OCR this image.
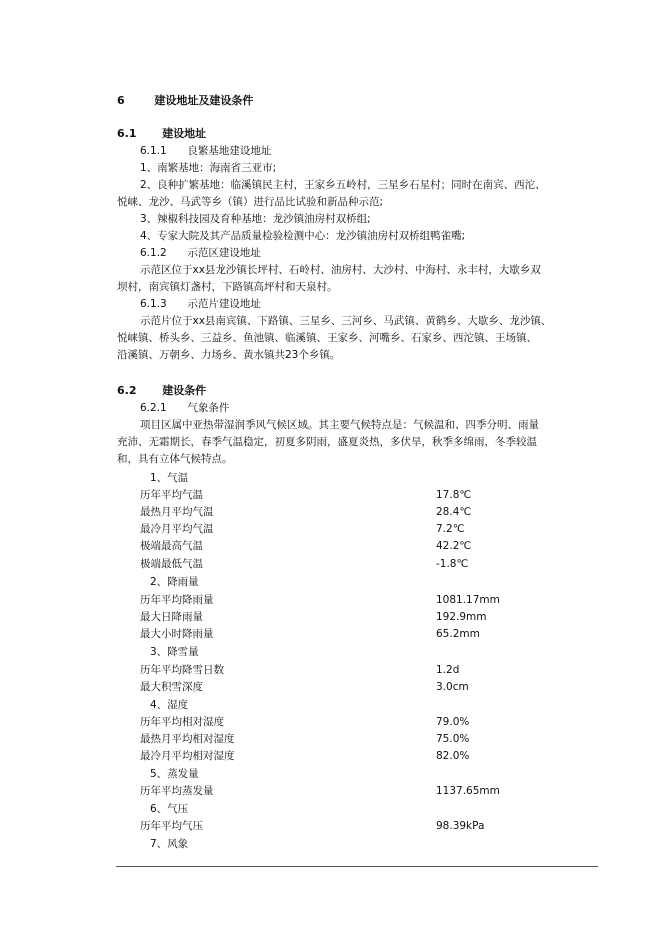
6	建设地址及建设条件
6.1 建设地址
6.1.1 良繁基地建设地址
1、南繁基地：海南省三亚市;
2、良种扩繁基地：临溪镇民主村，王家乡五岭村，三星乡石星村；同时在南宾、西沱、
悦崃、龙沙、马武等乡（镇）进行品比试验和新品种示范;
3、辣椒科技园及育种基地：龙沙镇油房村双桥组;
4、专家大院及其产品质量检验检测中心：龙沙镇油房村双桥组鸭雀嘴;
6.1.2 示范区建设地址
示范区位于xx县龙沙镇长坪村、石岭村、油房村、大沙村、中海村、永丰村，大歇乡双
坝村，南宾镇灯盏村，下路镇高坪村和天泉村。
6.1.3 示范片建设地址
示范片位于xx县南宾镇、下路镇、三星乡、三河乡、马武镇、黄鹤乡、大歇乡、龙沙镇、
悦崃镇、桥头乡、三益乡、鱼池镇、临溪镇、王家乡、河嘴乡、石家乡、西沱镇、王场镇、
沿溪镇、万朝乡、力场乡、黄水镇共23个乡镇。
6.2 建设条件
6.2.1 气象条件
项目区属中亚热带湿润季风气候区域。其主要气候特点是：气候温和、四季分明、雨量
充沛、无霜期长，春季气温稳定，初夏多阴雨，盛夏炎热，多伏旱，秋季多绵雨，冬季较温
和，具有立体气候特点。
1、气温
历年平均气温	17.8℃
最热月平均气温	28.4℃
最冷月平均气温	7.2℃
极端最高气温	42.2℃
极端最低气温	-1.8℃
2、降雨量
历年平均降雨量	1081.17mm
最大日降雨量	192.9mm
最大小时降雨量	65.2mm
3、降雪量
历年平均降雪日数	1.2d
最大积雪深度	3.0cm
4、湿度
历年平均相对湿度	79.0%
最热月平均相对湿度	75.0%
最冷月平均相对湿度	82.0%
5、蒸发量
历年平均蒸发量	1137.65mm
6、气压
历年平均气压	98.39kPa
7、风象
